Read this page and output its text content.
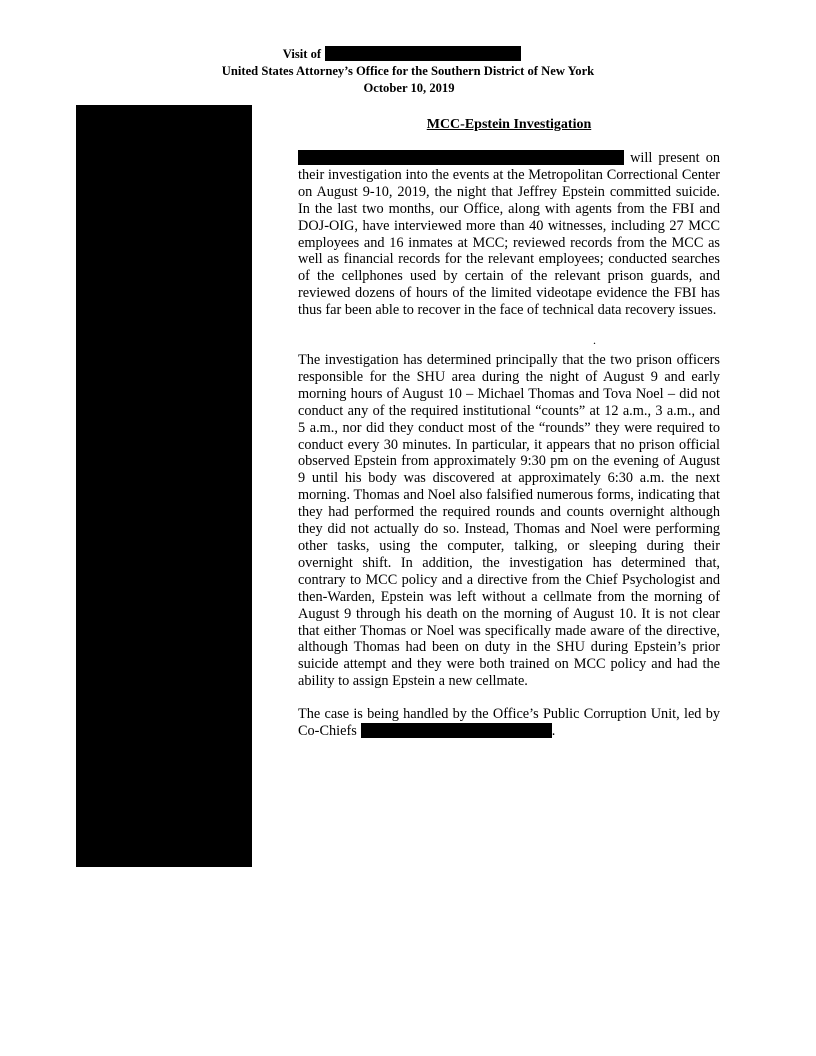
Visit of
United States Attorney’s Office for the Southern District of New York
October 10, 2019
MCC-Epstein Investigation

will present on their investigation into the events at the Metropolitan Correctional Center on August 9-10, 2019, the night that Jeffrey Epstein committed suicide. In the last two months, our Office, along with agents from the FBI and DOJ-OIG, have interviewed more than 40 witnesses, including 27 MCC employees and 16 inmates at MCC; reviewed records from the MCC as well as financial records for the relevant employees; conducted searches of the cellphones used by certain of the relevant prison guards, and reviewed dozens of hours of the limited videotape evidence the FBI has thus far been able to recover in the face of technical data recovery issues.

.

The investigation has determined principally that the two prison officers responsible for the SHU area during the night of August 9 and early morning hours of August 10 – Michael Thomas and Tova Noel – did not conduct any of the required institutional “counts” at 12 a.m., 3 a.m., and 5 a.m., nor did they conduct most of the “rounds” they were required to conduct every 30 minutes. In particular, it appears that no prison official observed Epstein from approximately 9:30 pm on the evening of August 9 until his body was discovered at approximately 6:30 a.m. the next morning. Thomas and Noel also falsified numerous forms, indicating that they had performed the required rounds and counts overnight although they did not actually do so. Instead, Thomas and Noel were performing other tasks, using the computer, talking, or sleeping during their overnight shift. In addition, the investigation has determined that, contrary to MCC policy and a directive from the Chief Psychologist and then-Warden, Epstein was left without a cellmate from the morning of August 9 through his death on the morning of August 10. It is not clear that either Thomas or Noel was specifically made aware of the directive, although Thomas had been on duty in the SHU during Epstein’s prior suicide attempt and they were both trained on MCC policy and had the ability to assign Epstein a new cellmate.

The case is being handled by the Office’s Public Corruption Unit, led by Co-Chiefs	.
